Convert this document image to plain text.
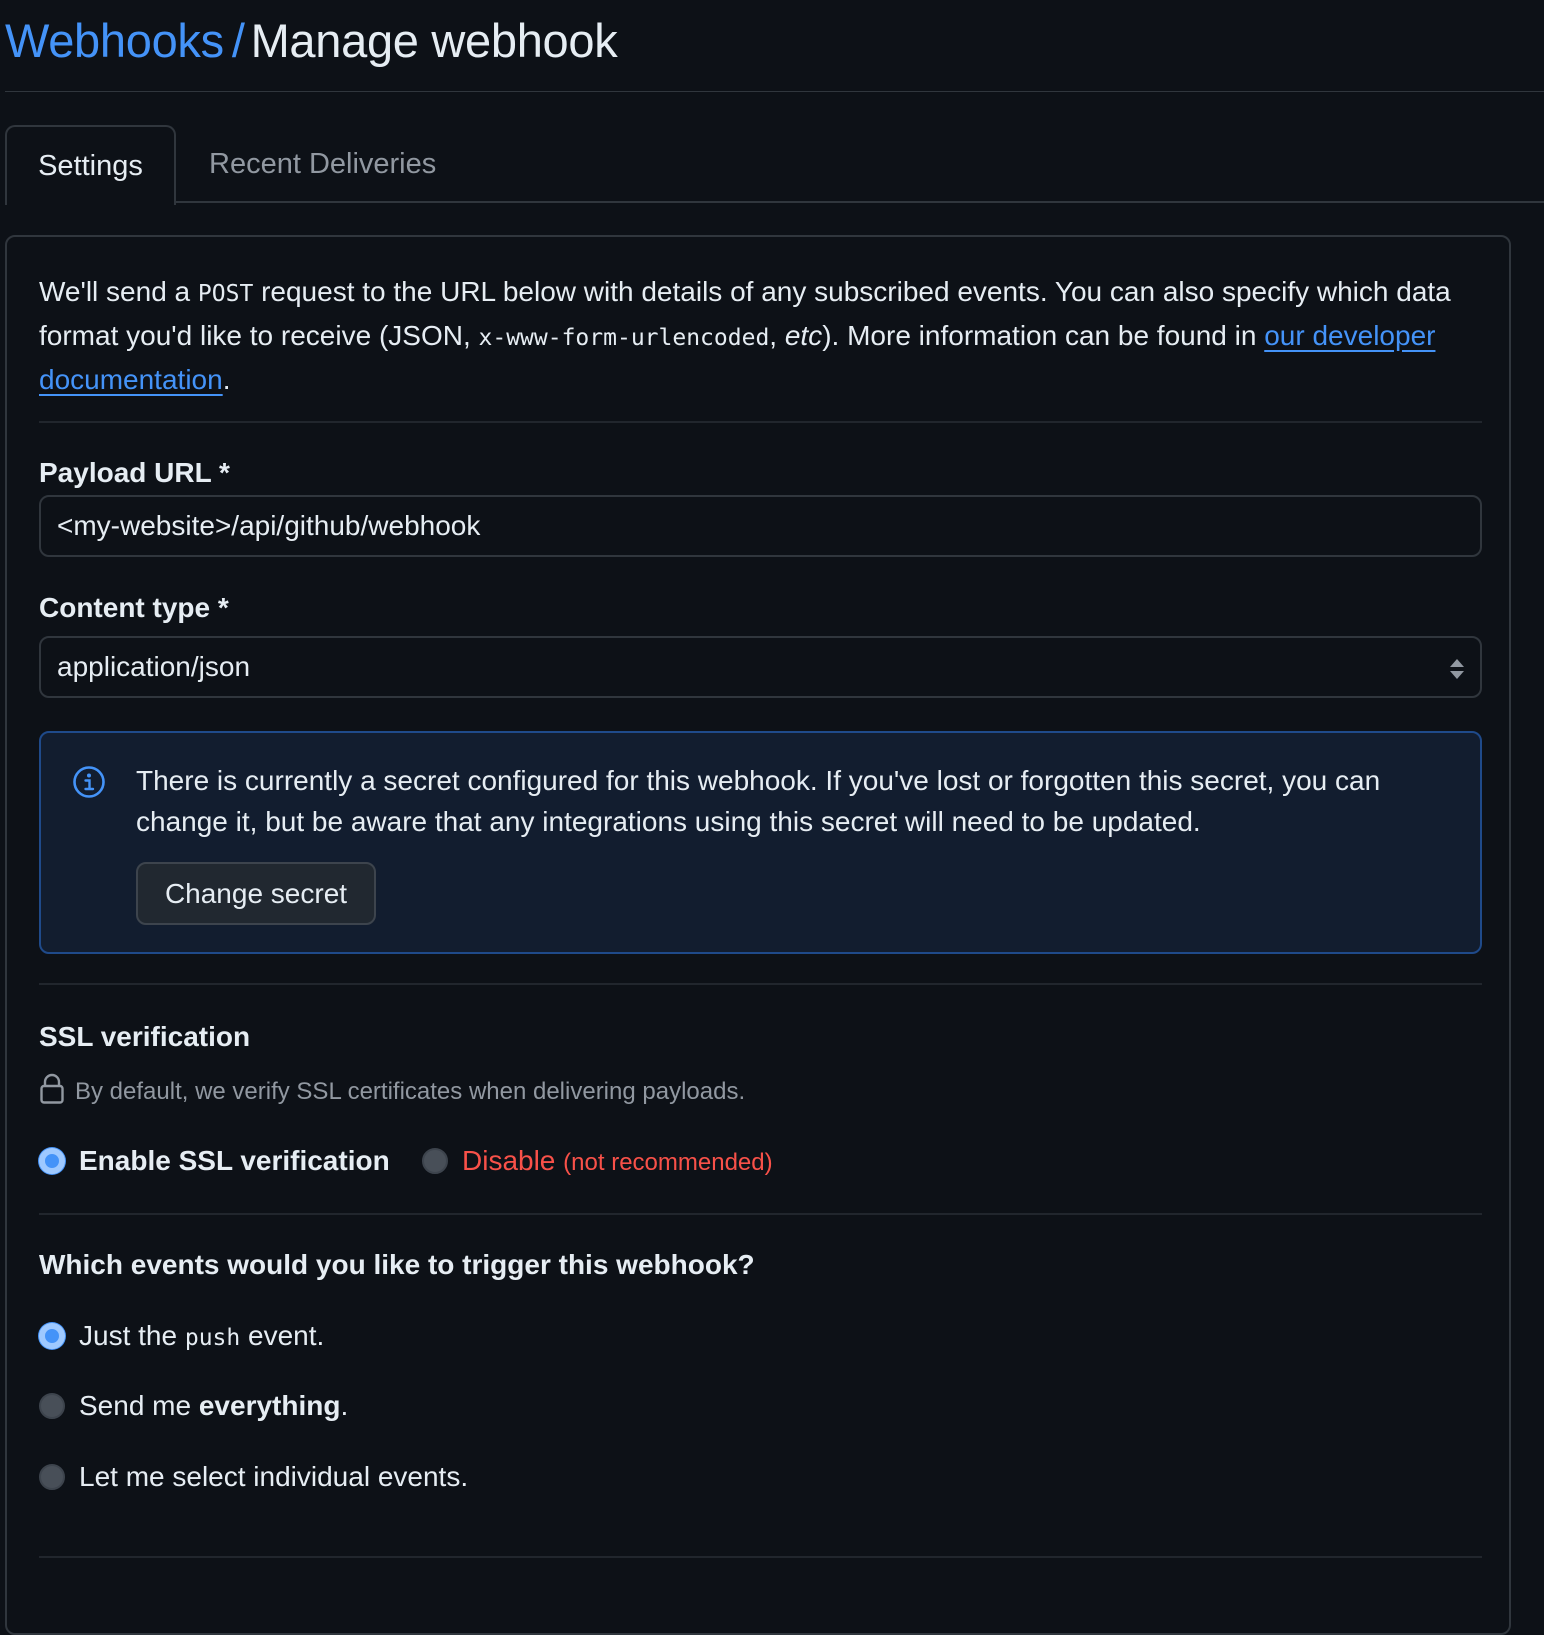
Webhooks / Manage webhook
Settings	Recent Deliveries
We'll send a POST request to the URL below with details of any subscribed events. You can also specify which data format you'd like to receive (JSON, x-www-form-urlencoded, etc). More information can be found in our developer documentation.
Payload URL *
<my-website>/api/github/webhook
Content type *
application/json
There is currently a secret configured for this webhook. If you've lost or forgotten this secret, you can change it, but be aware that any integrations using this secret will need to be updated.
Change secret
SSL verification
By default, we verify SSL certificates when delivering payloads.
Enable SSL verification	Disable (not recommended)
Which events would you like to trigger this webhook?
Just the push event.
Send me everything.
Let me select individual events.
